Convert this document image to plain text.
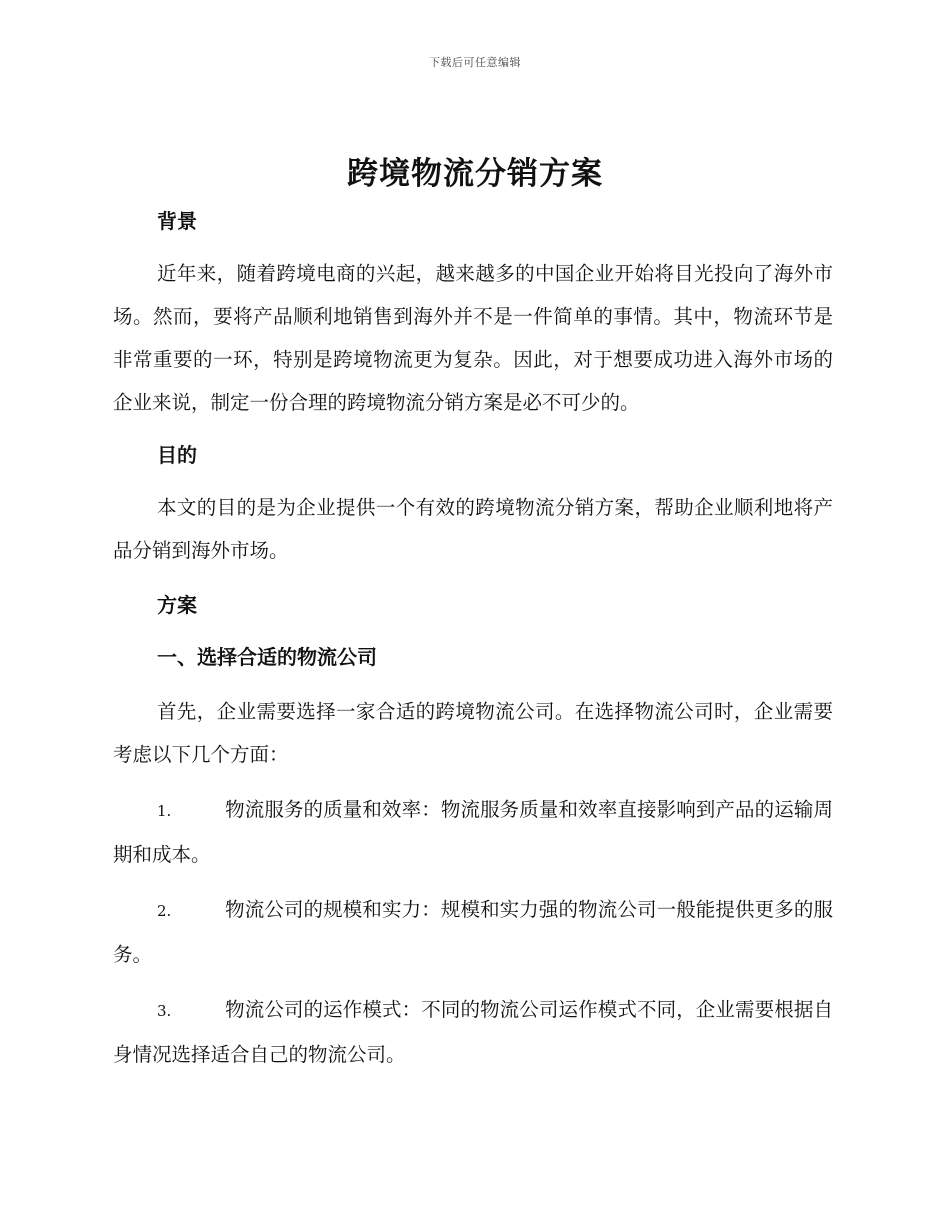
下载后可任意编辑
跨境物流分销方案

背景

近年来，随着跨境电商的兴起，越来越多的中国企业开始将目光投向了海外市场。然而，要将产品顺利地销售到海外并不是一件简单的事情。其中，物流环节是非常重要的一环，特别是跨境物流更为复杂。因此，对于想要成功进入海外市场的企业来说，制定一份合理的跨境物流分销方案是必不可少的。

目的

本文的目的是为企业提供一个有效的跨境物流分销方案，帮助企业顺利地将产品分销到海外市场。

方案

一、选择合适的物流公司

首先，企业需要选择一家合适的跨境物流公司。在选择物流公司时，企业需要考虑以下几个方面：

1.	物流服务的质量和效率：物流服务质量和效率直接影响到产品的运输周期和成本。

2.	物流公司的规模和实力：规模和实力强的物流公司一般能提供更多的服务。

3.	物流公司的运作模式：不同的物流公司运作模式不同，企业需要根据自身情况选择适合自己的物流公司。
